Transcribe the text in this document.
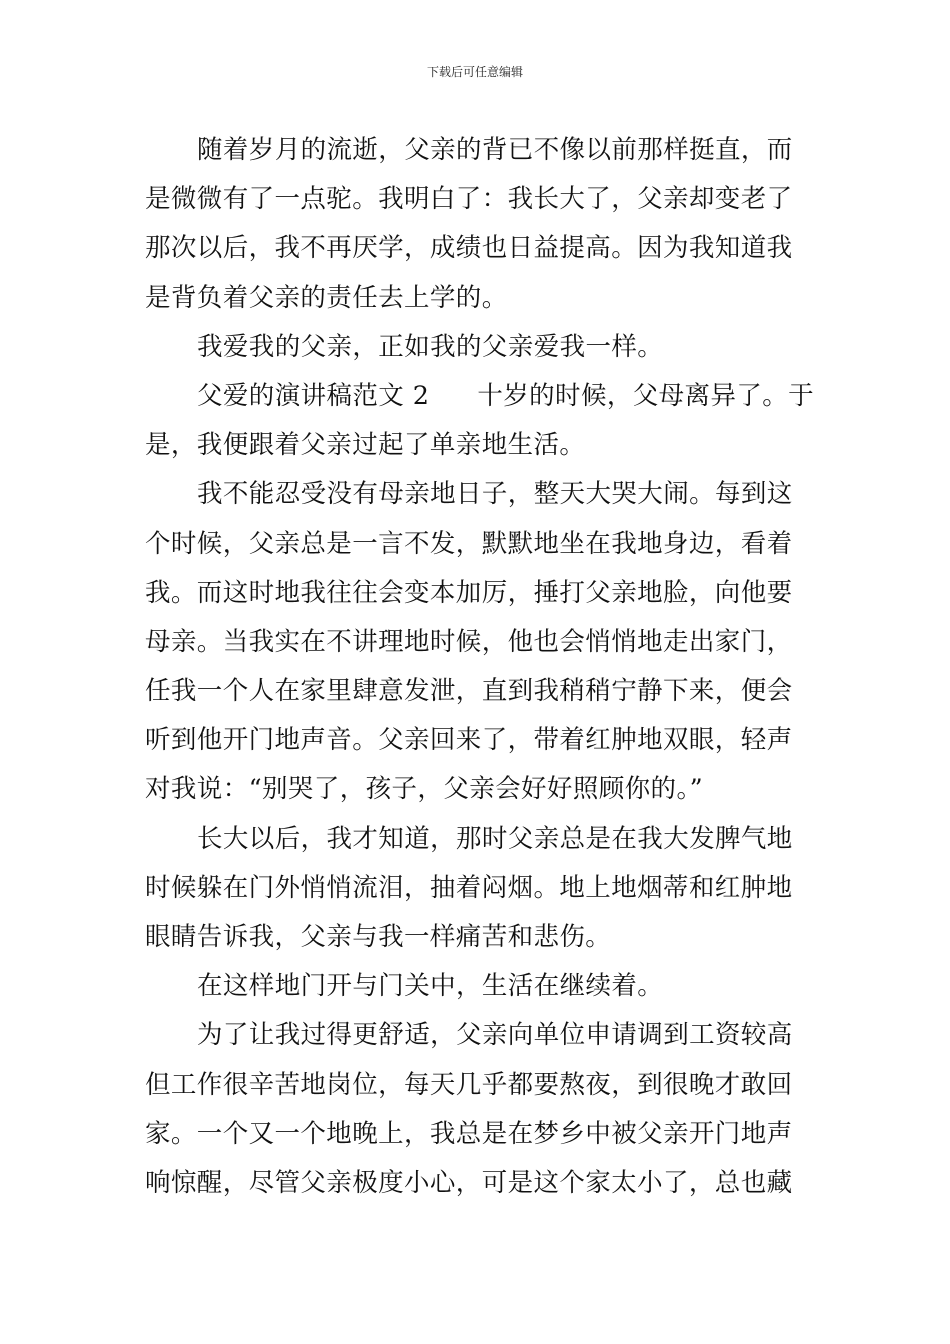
下载后可任意编辑
随着岁月的流逝，父亲的背已不像以前那样挺直，而
是微微有了一点驼。我明白了：我长大了，父亲却变老了
那次以后，我不再厌学，成绩也日益提高。因为我知道我
是背负着父亲的责任去上学的。
我爱我的父亲，正如我的父亲爱我一样。
父爱的演讲稿范文 2 十岁的时候，父母离异了。于
是，我便跟着父亲过起了单亲地生活。
我不能忍受没有母亲地日子，整天大哭大闹。每到这
个时候，父亲总是一言不发，默默地坐在我地身边，看着
我。而这时地我往往会变本加厉，捶打父亲地脸，向他要
母亲。当我实在不讲理地时候，他也会悄悄地走出家门，
任我一个人在家里肆意发泄，直到我稍稍宁静下来，便会
听到他开门地声音。父亲回来了，带着红肿地双眼，轻声
对我说：“别哭了，孩子，父亲会好好照顾你的。”
长大以后，我才知道，那时父亲总是在我大发脾气地
时候躲在门外悄悄流泪，抽着闷烟。地上地烟蒂和红肿地
眼睛告诉我，父亲与我一样痛苦和悲伤。
在这样地门开与门关中，生活在继续着。
为了让我过得更舒适，父亲向单位申请调到工资较高
但工作很辛苦地岗位，每天几乎都要熬夜，到很晚才敢回
家。一个又一个地晚上，我总是在梦乡中被父亲开门地声
响惊醒，尽管父亲极度小心，可是这个家太小了，总也藏
